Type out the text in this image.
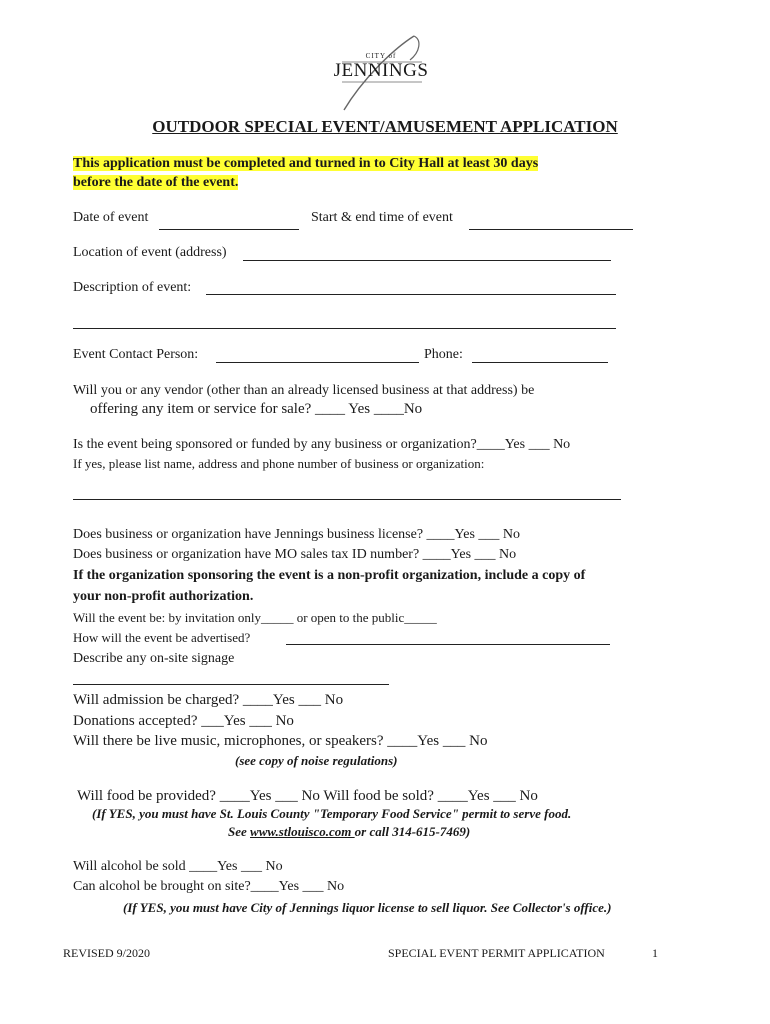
CITY of
JENNINGS
OUTDOOR SPECIAL EVENT/AMUSEMENT APPLICATION
This application must be completed and turned in to City Hall at least 30 days
before the date of the event.
Date of event	Start & end time of event
Location of event (address)
Description of event:
Event Contact Person:	Phone:
Will you or any vendor (other than an already licensed business at that address) be
offering any item or service for sale? ____ Yes ____No
Is the event being sponsored or funded by any business or organization?____Yes ___ No
If yes, please list name, address and phone number of business or organization:
Does business or organization have Jennings business license? ____Yes ___ No
Does business or organization have MO sales tax ID number? ____Yes ___ No
If the organization sponsoring the event is a non-profit organization, include a copy of
your non-profit authorization.
Will the event be: by invitation only_____ or open to the public_____
How will the event be advertised?
Describe any on-site signage
Will admission be charged? ____Yes ___ No
Donations accepted? ___Yes ___ No
Will there be live music, microphones, or speakers? ____Yes ___ No
(see copy of noise regulations)
Will food be provided? ____Yes ___ No Will food be sold? ____Yes ___ No
(If YES, you must have St. Louis County "Temporary Food Service" permit to serve food.
See www.stlouisco.com or call 314-615-7469)
Will alcohol be sold ____Yes ___ No
Can alcohol be brought on site?____Yes ___ No
(If YES, you must have City of Jennings liquor license to sell liquor. See Collector's office.)
REVISED 9/2020	SPECIAL EVENT PERMIT APPLICATION	1
